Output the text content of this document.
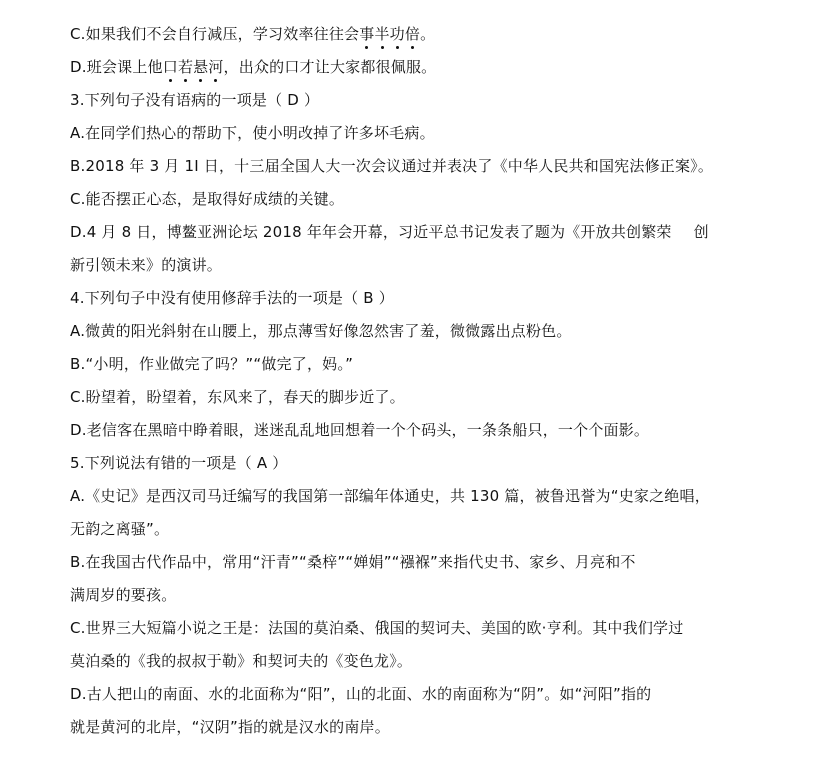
C.如果我们不会自行减压，学习效率往往会事半功倍。
D.班会课上他口若悬河，出众的口才让大家都很佩服。
3.下列句子没有语病的一项是（ D ）
A.在同学们热心的帮助下，使小明改掉了许多坏毛病。
B.2018 年 3 月 1I 日，十三届全国人大一次会议通过并表决了《中华人民共和国宪法修正案》。
C.能否摆正心态，是取得好成绩的关键。
D.4 月 8 日，博鳌亚洲论坛 2018 年年会开幕，习近平总书记发表了题为《开放共创繁荣 创
新引领未来》的演讲。
4.下列句子中没有使用修辞手法的一项是（ B ）
A.微黄的阳光斜射在山腰上，那点薄雪好像忽然害了羞，微微露出点粉色。
B.“小明，作业做完了吗？”“做完了，妈。”
C.盼望着，盼望着，东风来了，春天的脚步近了。
D.老信客在黑暗中睁着眼，迷迷乱乱地回想着一个个码头，一条条船只，一个个面影。
5.下列说法有错的一项是（ A ）
A.《史记》是西汉司马迁编写的我国第一部编年体通史，共 130 篇，被鲁迅誉为“史家之绝唱，
无韵之离骚”。
B.在我国古代作品中，常用“汗青”“桑梓”“婵娟”“襁褓”来指代史书、家乡、月亮和不
满周岁的要孩。
C.世界三大短篇小说之王是：法国的莫泊桑、俄国的契诃夫、美国的欧·亨利。其中我们学过
莫泊桑的《我的叔叔于勒》和契诃夫的《变色龙》。
D.古人把山的南面、水的北面称为“阳”，山的北面、水的南面称为“阴”。如“河阳”指的
就是黄河的北岸，“汉阴”指的就是汉水的南岸。
